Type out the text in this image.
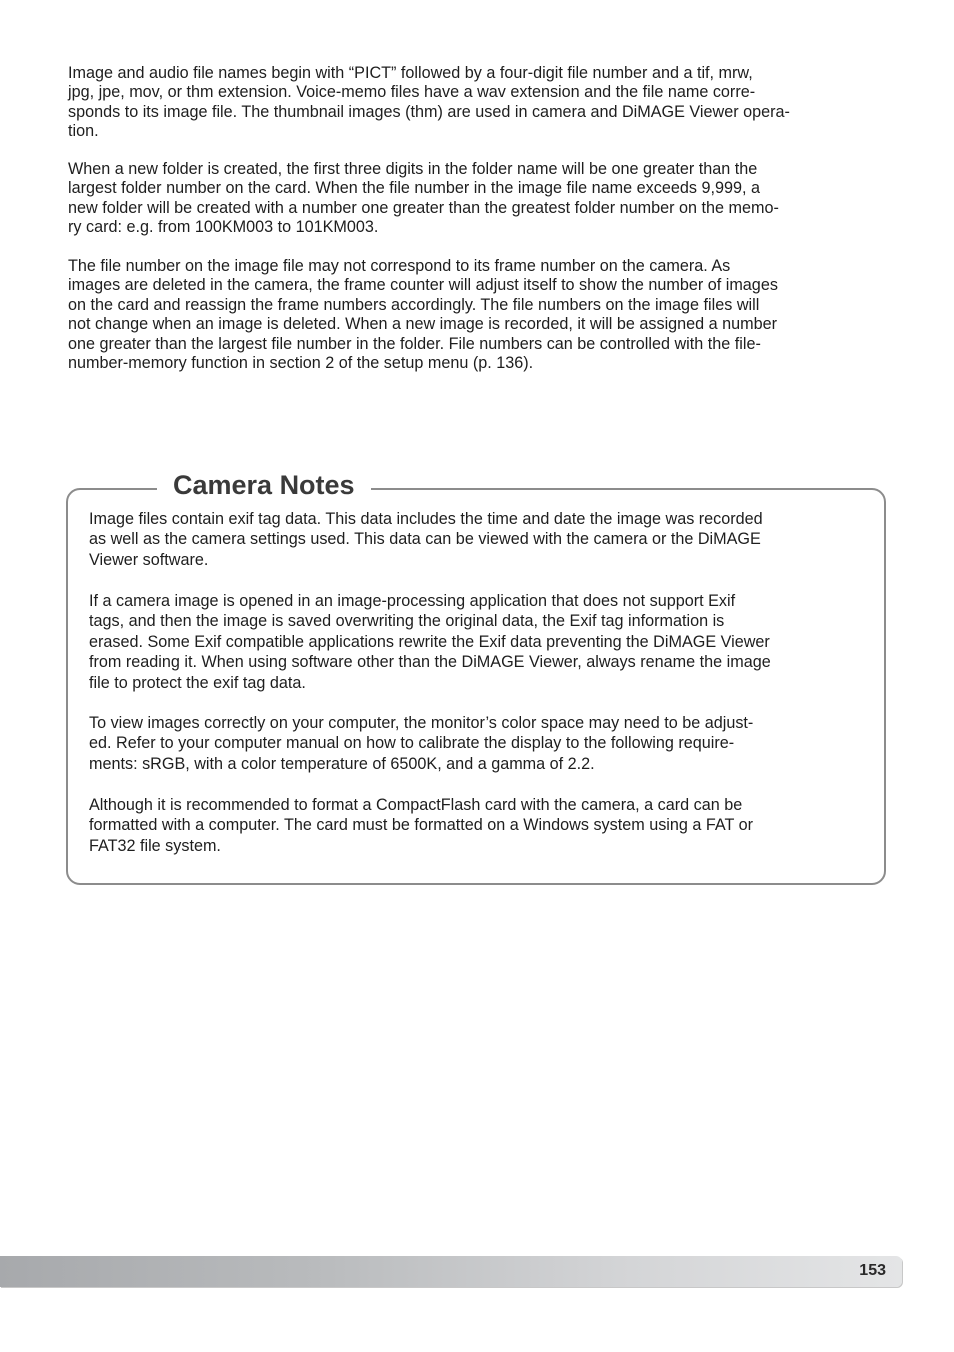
Image and audio file names begin with “PICT” followed by a four-digit file number and a tif, mrw,
jpg, jpe, mov, or thm extension. Voice-memo files have a wav extension and the file name corre-
sponds to its image file. The thumbnail images (thm) are used in camera and DiMAGE Viewer opera-
tion.

When a new folder is created, the first three digits in the folder name will be one greater than the
largest folder number on the card. When the file number in the image file name exceeds 9,999, a
new folder will be created with a number one greater than the greatest folder number on the memo-
ry card: e.g. from 100KM003 to 101KM003.

The file number on the image file may not correspond to its frame number on the camera. As
images are deleted in the camera, the frame counter will adjust itself to show the number of images
on the card and reassign the frame numbers accordingly. The file numbers on the image files will
not change when an image is deleted. When a new image is recorded, it will be assigned a number
one greater than the largest file number in the folder. File numbers can be controlled with the file-
number-memory function in section 2 of the setup menu (p. 136).

Camera Notes

Image files contain exif tag data. This data includes the time and date the image was recorded
as well as the camera settings used. This data can be viewed with the camera or the DiMAGE
Viewer software.

If a camera image is opened in an image-processing application that does not support Exif
tags, and then the image is saved overwriting the original data, the Exif tag information is
erased. Some Exif compatible applications rewrite the Exif data preventing the DiMAGE Viewer
from reading it. When using software other than the DiMAGE Viewer, always rename the image
file to protect the exif tag data.

To view images correctly on your computer, the monitor’s color space may need to be adjust-
ed. Refer to your computer manual on how to calibrate the display to the following require-
ments: sRGB, with a color temperature of 6500K, and a gamma of 2.2.

Although it is recommended to format a CompactFlash card with the camera, a card can be
formatted with a computer. The card must be formatted on a Windows system using a FAT or
FAT32 file system.

153
